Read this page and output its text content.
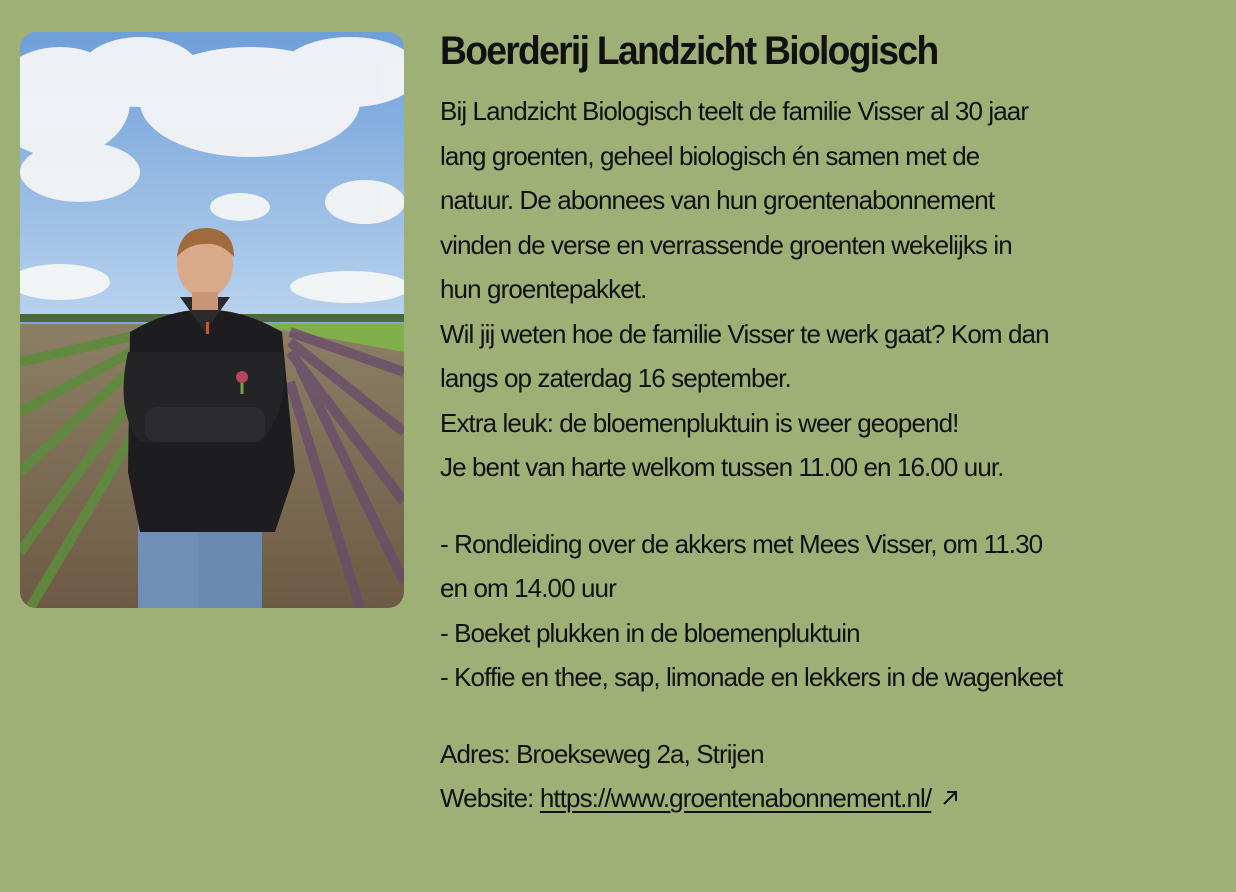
Boerderij Landzicht Biologisch
Bij Landzicht Biologisch teelt de familie Visser al 30 jaar
lang groenten, geheel biologisch én samen met de
natuur. De abonnees van hun groentenabonnement
vinden de verse en verrassende groenten wekelijks in
hun groentepakket.
Wil jij weten hoe de familie Visser te werk gaat? Kom dan
langs op zaterdag 16 september.
Extra leuk: de bloemenpluktuin is weer geopend!
Je bent van harte welkom tussen 11.00 en 16.00 uur.
- Rondleiding over de akkers met Mees Visser, om 11.30
en om 14.00 uur
- Boeket plukken in de bloemenpluktuin
- Koffie en thee, sap, limonade en lekkers in de wagenkeet
Adres: Broekseweg 2a, Strijen
Website: https://www.groentenabonnement.nl/
